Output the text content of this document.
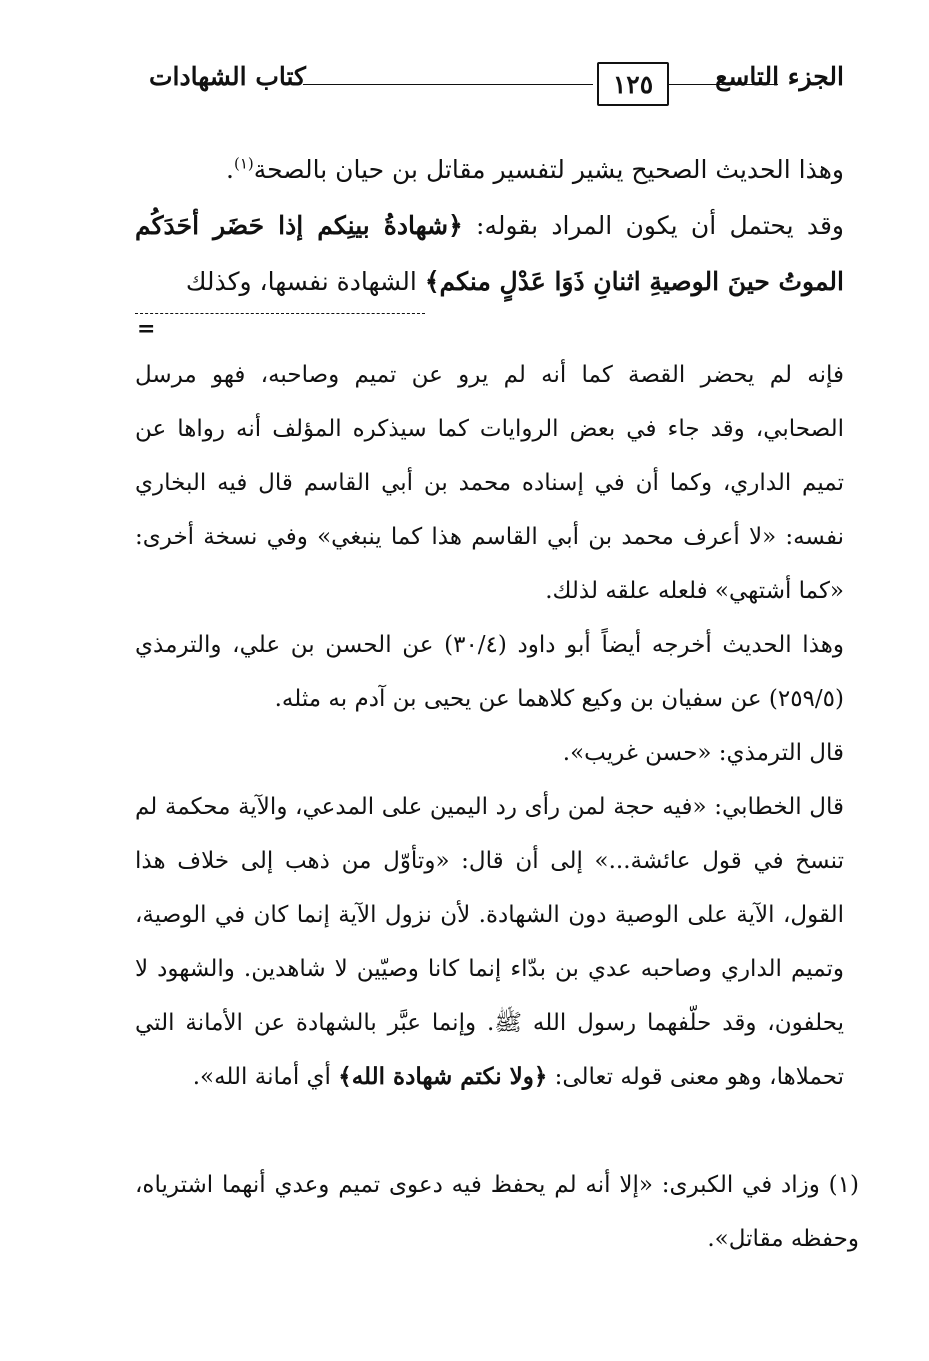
الجزء التاسع
١٢٥
كتاب الشهادات

وهذا الحديث الصحيح يشير لتفسير مقاتل بن حيان بالصحة$^{(١)}$.

وقد يحتمل أن يكون المراد بقوله: ﴿شهادةُ بينِكم إذا حَضَر أحَدَكُم الموتُ حينَ الوصيةِ اثنانِ ذَوَا عَدْلٍ منكم﴾ الشهادة نفسها، وكذلك

=

فإنه لم يحضر القصة كما أنه لم يرو عن تميم وصاحبه، فهو مرسل الصحابي، وقد جاء في بعض الروايات كما سيذكره المؤلف أنه رواها عن تميم الداري، وكما أن في إسناده محمد بن أبي القاسم قال فيه البخاري نفسه: «لا أعرف محمد بن أبي القاسم هذا كما ينبغي» وفي نسخة أخرى: «كما أشتهي» فلعله علقه لذلك.

وهذا الحديث أخرجه أيضاً أبو داود (٣٠/٤) عن الحسن بن علي، والترمذي (٢٥٩/٥) عن سفيان بن وكيع كلاهما عن يحيى بن آدم به مثله.

قال الترمذي: «حسن غريب».

قال الخطابي: «فيه حجة لمن رأى رد اليمين على المدعي، والآية محكمة لم تنسخ في قول عائشة...» إلى أن قال: «وتأوّل من ذهب إلى خلاف هذا القول، الآية على الوصية دون الشهادة. لأن نزول الآية إنما كان في الوصية، وتميم الداري وصاحبه عدي بن بدّاء إنما كانا وصيّين لا شاهدين. والشهود لا يحلفون، وقد حلّفهما رسول الله ﷺ. وإنما عبَّر بالشهادة عن الأمانة التي تحملاها، وهو معنى قوله تعالى: ﴿ولا نكتم شهادة الله﴾ أي أمانة الله».

(١) وزاد في الكبرى: «إلا أنه لم يحفظ فيه دعوى تميم وعدي أنهما اشترياه، وحفظه مقاتل».
